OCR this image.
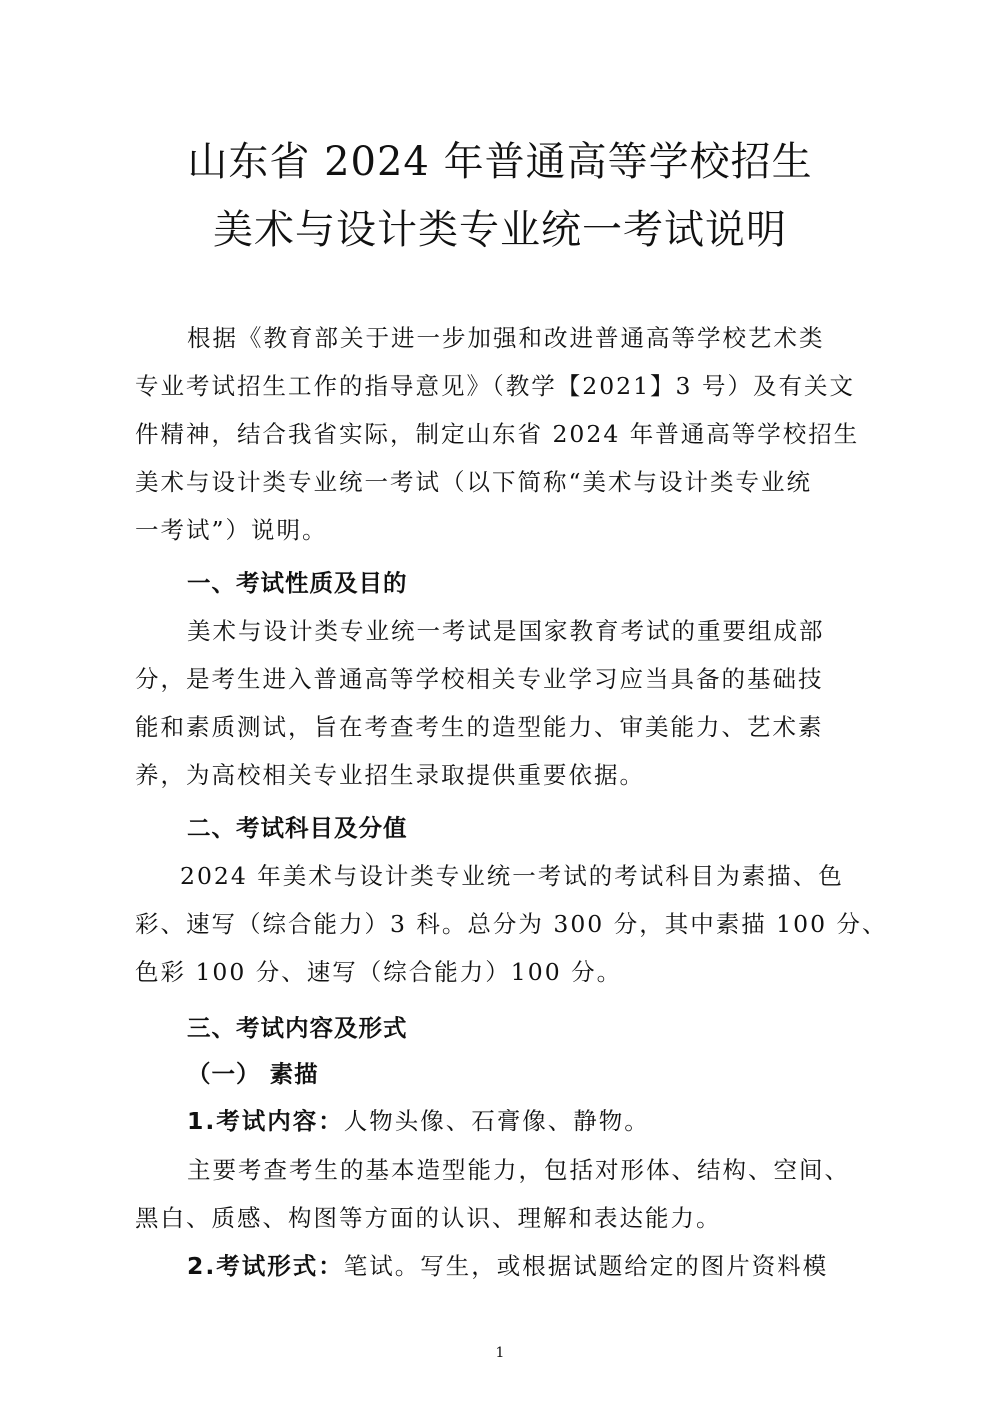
山东省 2024 年普通高等学校招生
美术与设计类专业统一考试说明
根据《教育部关于进一步加强和改进普通高等学校艺术类
专业考试招生工作的指导意见》（教学【2021】3 号）及有关文
件精神，结合我省实际，制定山东省 2024 年普通高等学校招生
美术与设计类专业统一考试（以下简称“美术与设计类专业统
一考试”）说明。
一、考试性质及目的
美术与设计类专业统一考试是国家教育考试的重要组成部
分，是考生进入普通高等学校相关专业学习应当具备的基础技
能和素质测试，旨在考查考生的造型能力、审美能力、艺术素
养，为高校相关专业招生录取提供重要依据。
二、考试科目及分值
2024 年美术与设计类专业统一考试的考试科目为素描、色
彩、速写（综合能力）3 科。总分为 300 分，其中素描 100 分、
色彩 100 分、速写（综合能力）100 分。
三、考试内容及形式
（一） 素描
1.考试内容：人物头像、石膏像、静物。
主要考查考生的基本造型能力，包括对形体、结构、空间、
黑白、质感、构图等方面的认识、理解和表达能力。
2.考试形式：笔试。写生，或根据试题给定的图片资料模
1
